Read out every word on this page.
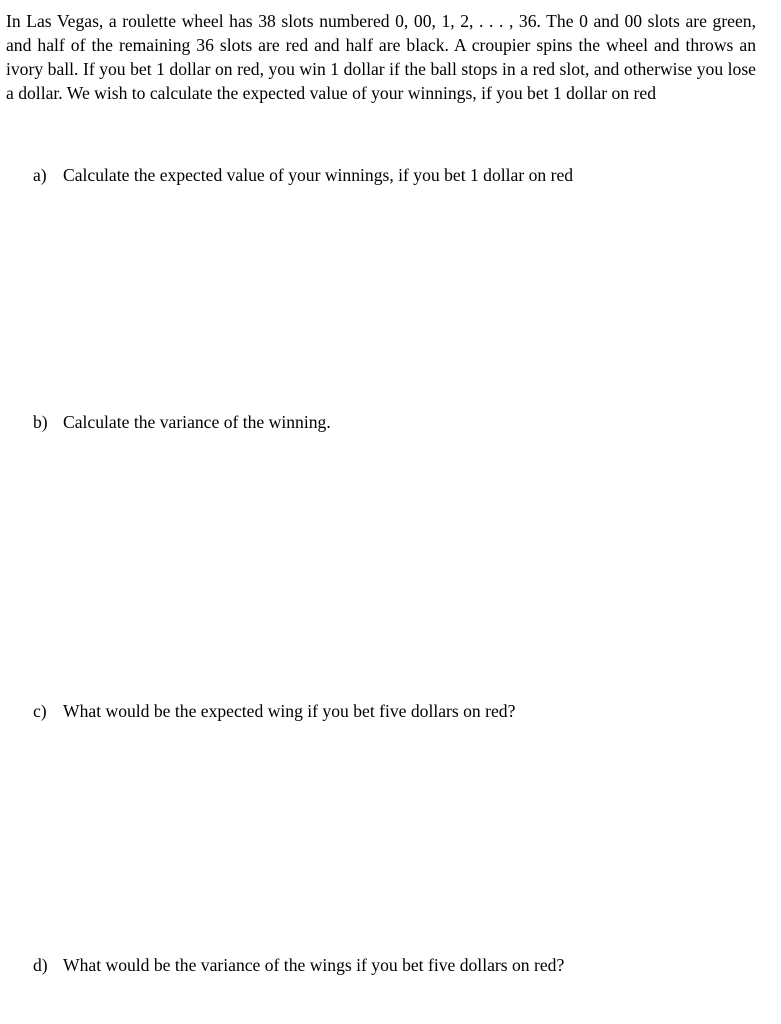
In Las Vegas, a roulette wheel has 38 slots numbered 0, 00, 1, 2, . . . , 36. The 0 and 00 slots are green, and half of the remaining 36 slots are red and half are black. A croupier spins the wheel and throws an ivory ball. If you bet 1 dollar on red, you win 1 dollar if the ball stops in a red slot, and otherwise you lose a dollar. We wish to calculate the expected value of your winnings, if you bet 1 dollar on red

a) Calculate the expected value of your winnings, if you bet 1 dollar on red

b) Calculate the variance of the winning.

c) What would be the expected wing if you bet five dollars on red?

d) What would be the variance of the wings if you bet five dollars on red?
